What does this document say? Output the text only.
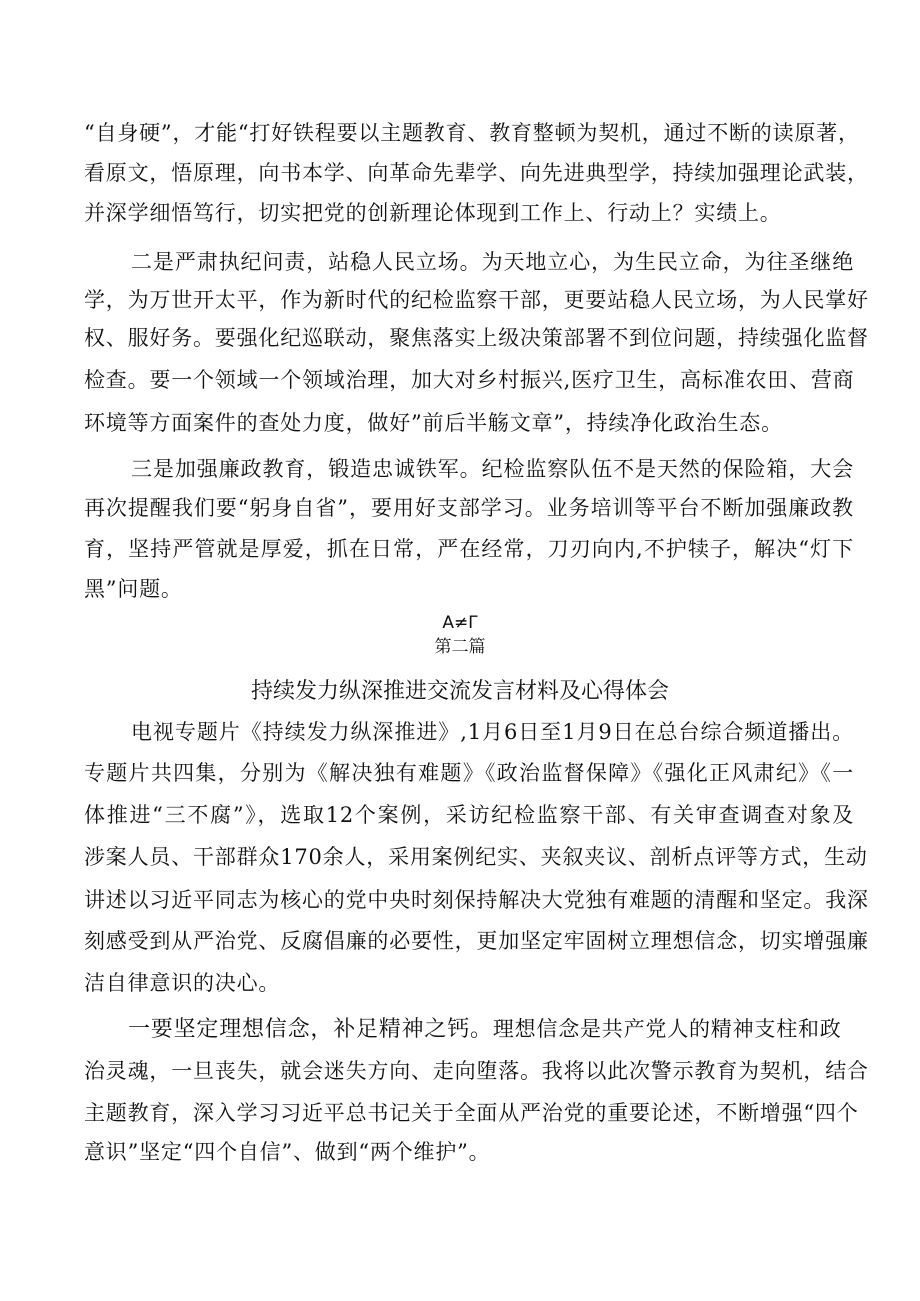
“自身硬”，才能“打好铁程要以主题教育、教育整顿为契机，通过不断的读原著，
看原文，悟原理，向书本学、向革命先辈学、向先进典型学，持续加强理论武装，
并深学细悟笃行，切实把党的创新理论体现到工作上、行动上？实绩上。
二是严肃执纪问责，站稳人民立场。为天地立心，为生民立命，为往圣继绝
学，为万世开太平，作为新时代的纪检监察干部，更要站稳人民立场，为人民掌好
权、服好务。要强化纪巡联动，聚焦落实上级决策部署不到位问题，持续强化监督
检查。要一个领域一个领域治理，加大对乡村振兴,医疗卫生，高标准农田、营商
环境等方面案件的查处力度，做好”前后半觞文章”，持续净化政治生态。
三是加强廉政教育，锻造忠诚铁军。纪检监察队伍不是天然的保险箱，大会
再次提醒我们要“躬身自省”，要用好支部学习。业务培训等平台不断加强廉政教
育，坚持严管就是厚爱，抓在日常，严在经常，刀刃向内,不护犊子，解决“灯下
黑”问题。
A≠Γ
第二篇
持续发力纵深推进交流发言材料及心得体会
电视专题片《持续发力纵深推进》,1月6日至1月9日在总台综合频道播出。
专题片共四集，分别为《解决独有难题》《政治监督保障》《强化正风肃纪》《一
体推进“三不腐”》，选取12个案例，采访纪检监察干部、有关审查调查对象及
涉案人员、干部群众170余人，采用案例纪实、夹叙夹议、剖析点评等方式，生动
讲述以习近平同志为核心的党中央时刻保持解决大党独有难题的清醒和坚定。我深
刻感受到从严治党、反腐倡廉的必要性，更加坚定牢固树立理想信念，切实增强廉
洁自律意识的决心。
一要坚定理想信念，补足精神之钙。理想信念是共产党人的精神支柱和政
治灵魂，一旦丧失，就会迷失方向、走向堕落。我将以此次警示教育为契机，结合
主题教育，深入学习习近平总书记关于全面从严治党的重要论述，不断增强“四个
意识”坚定“四个自信”、做到“两个维护”。
